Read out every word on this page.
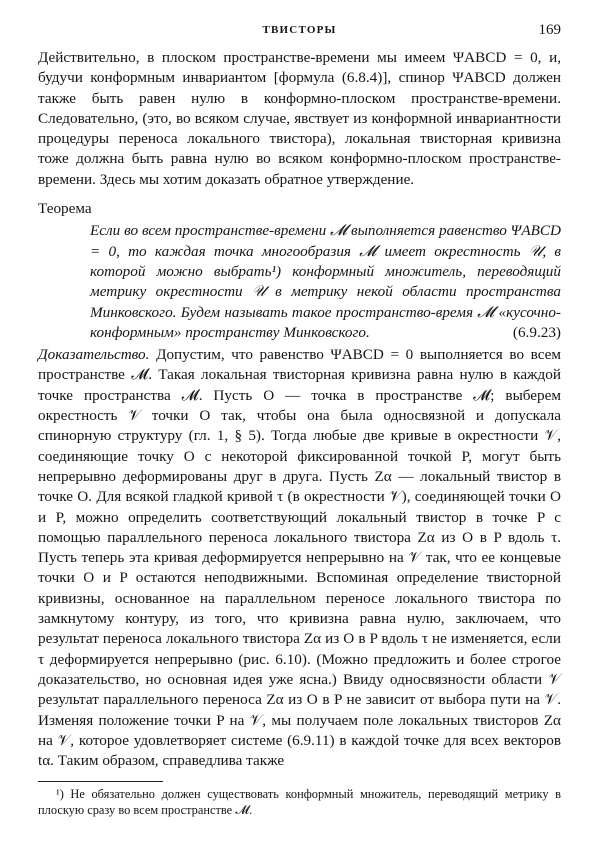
ТВИСТОРЫ	169

Действительно, в плоском пространстве-времени мы имеем ΨABCD = 0, и, будучи конформным инвариантом [формула (6.8.4)], спинор ΨABCD должен также быть равен нулю в конформно-плоском пространстве-времени. Следовательно, (это, во всяком случае, явствует из конформной инвариантности процедуры переноса локального твистора), локальная твисторная кривизна тоже должна быть равна нулю во всяком конформно-плоском пространстве-времени. Здесь мы хотим доказать обратное утверждение.

Теорема

Если во всем пространстве-времени 𝓜 выполняется равенство ΨABCD = 0, то каждая точка многообразия 𝓜 имеет окрестность 𝒰, в которой можно выбрать¹) конформный множитель, переводящий метрику окрестности 𝒰 в метрику некой области пространства Минковского. Будем называть такое пространство-время 𝓜 «кусочно-конформным» пространству Минковского.	(6.9.23)

Доказательство. Допустим, что равенство ΨABCD = 0 выполняется во всем пространстве 𝓜. Такая локальная твисторная кривизна равна нулю в каждой точке пространства 𝓜. Пусть O — точка в пространстве 𝓜; выберем окрестность 𝒱 точки O так, чтобы она была односвязной и допускала спинорную структуру (гл. 1, § 5). Тогда любые две кривые в окрестности 𝒱, соединяющие точку O с некоторой фиксированной точкой P, могут быть непрерывно деформированы друг в друга. Пусть Zα — локальный твистор в точке O. Для всякой гладкой кривой τ (в окрестности 𝒱), соединяющей точки O и P, можно определить соответствующий локальный твистор в точке P с помощью параллельного переноса локального твистора Zα из O в P вдоль τ. Пусть теперь эта кривая деформируется непрерывно на 𝒱 так, что ее концевые точки O и P остаются неподвижными. Вспоминая определение твисторной кривизны, основанное на параллельном переносе локального твистора по замкнутому контуру, из того, что кривизна равна нулю, заключаем, что результат переноса локального твистора Zα из O в P вдоль τ не изменяется, если τ деформируется непрерывно (рис. 6.10). (Можно предложить и более строгое доказательство, но основная идея уже ясна.) Ввиду односвязности области 𝒱 результат параллельного переноса Zα из O в P не зависит от выбора пути на 𝒱. Изменяя положение точки P на 𝒱, мы получаем поле локальных твисторов Zα на 𝒱, которое удовлетворяет системе (6.9.11) в каждой точке для всех векторов tα. Таким образом, справедлива также

¹) Не обязательно должен существовать конформный множитель, переводящий метрику в плоскую сразу во всем пространстве 𝓜.
